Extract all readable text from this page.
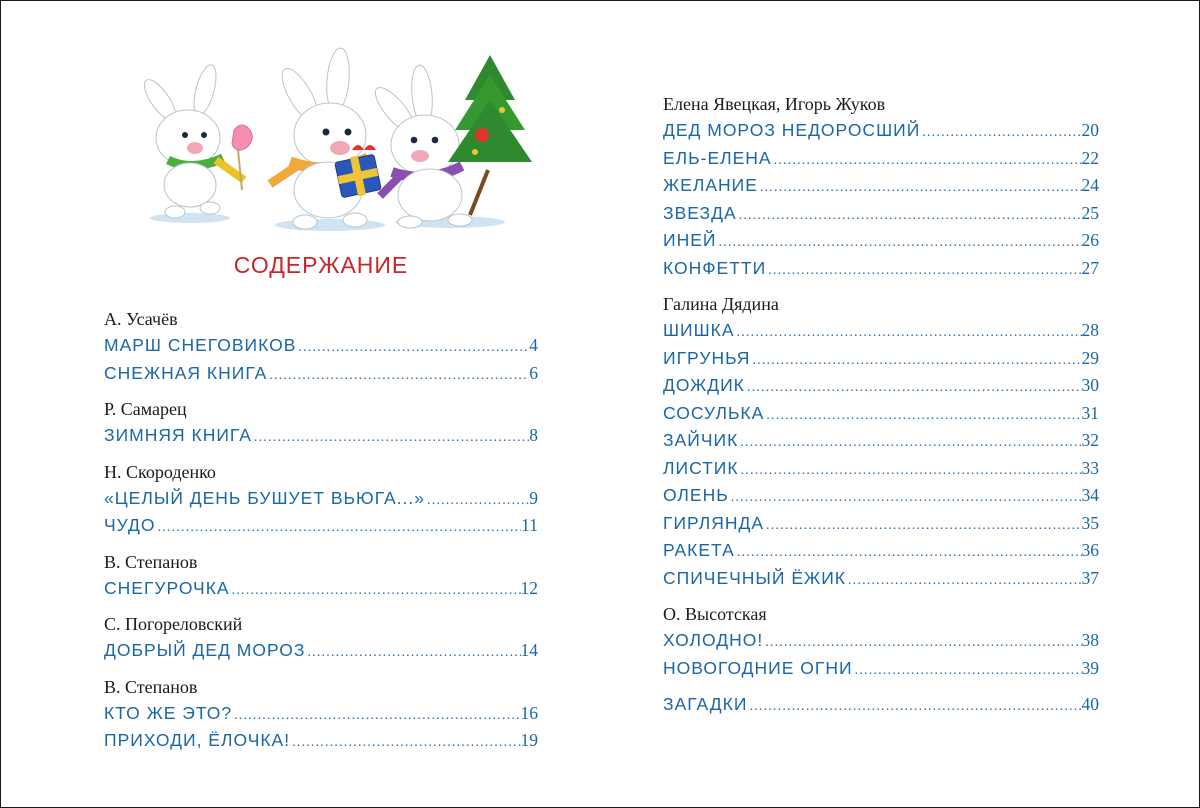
СОДЕРЖАНИЕ
А. Усачёв
МАРШ СНЕГОВИКОВ .....	4
СНЕЖНАЯ КНИГА .....	6
Р. Самарец
ЗИМНЯЯ КНИГА .....	8
Н. Скороденко
«ЦЕЛЫЙ ДЕНЬ БУШУЕТ ВЬЮГА...» .....	9
ЧУДО .....	11
В. Степанов
СНЕГУРОЧКА .....	12
С. Погореловский
ДОБРЫЙ ДЕД МОРОЗ .....	14
В. Степанов
КТО ЖЕ ЭТО? .....	16
ПРИХОДИ, ЁЛОЧКА! .....	19
Елена Явецкая, Игорь Жуков
ДЕД МОРОЗ НЕДОРОСШИЙ .....	20
ЕЛЬ-ЕЛЕНА .....	22
ЖЕЛАНИЕ .....	24
ЗВЕЗДА .....	25
ИНЕЙ .....	26
КОНФЕТТИ .....	27
Галина Дядина
ШИШКА .....	28
ИГРУНЬЯ .....	29
ДОЖДИК .....	30
СОСУЛЬКА .....	31
ЗАЙЧИК .....	32
ЛИСТИК .....	33
ОЛЕНЬ .....	34
ГИРЛЯНДА .....	35
РАКЕТА .....	36
СПИЧЕЧНЫЙ ЁЖИК .....	37
О. Высотская
ХОЛОДНО! .....	38
НОВОГОДНИЕ ОГНИ .....	39
ЗАГАДКИ .....	40
